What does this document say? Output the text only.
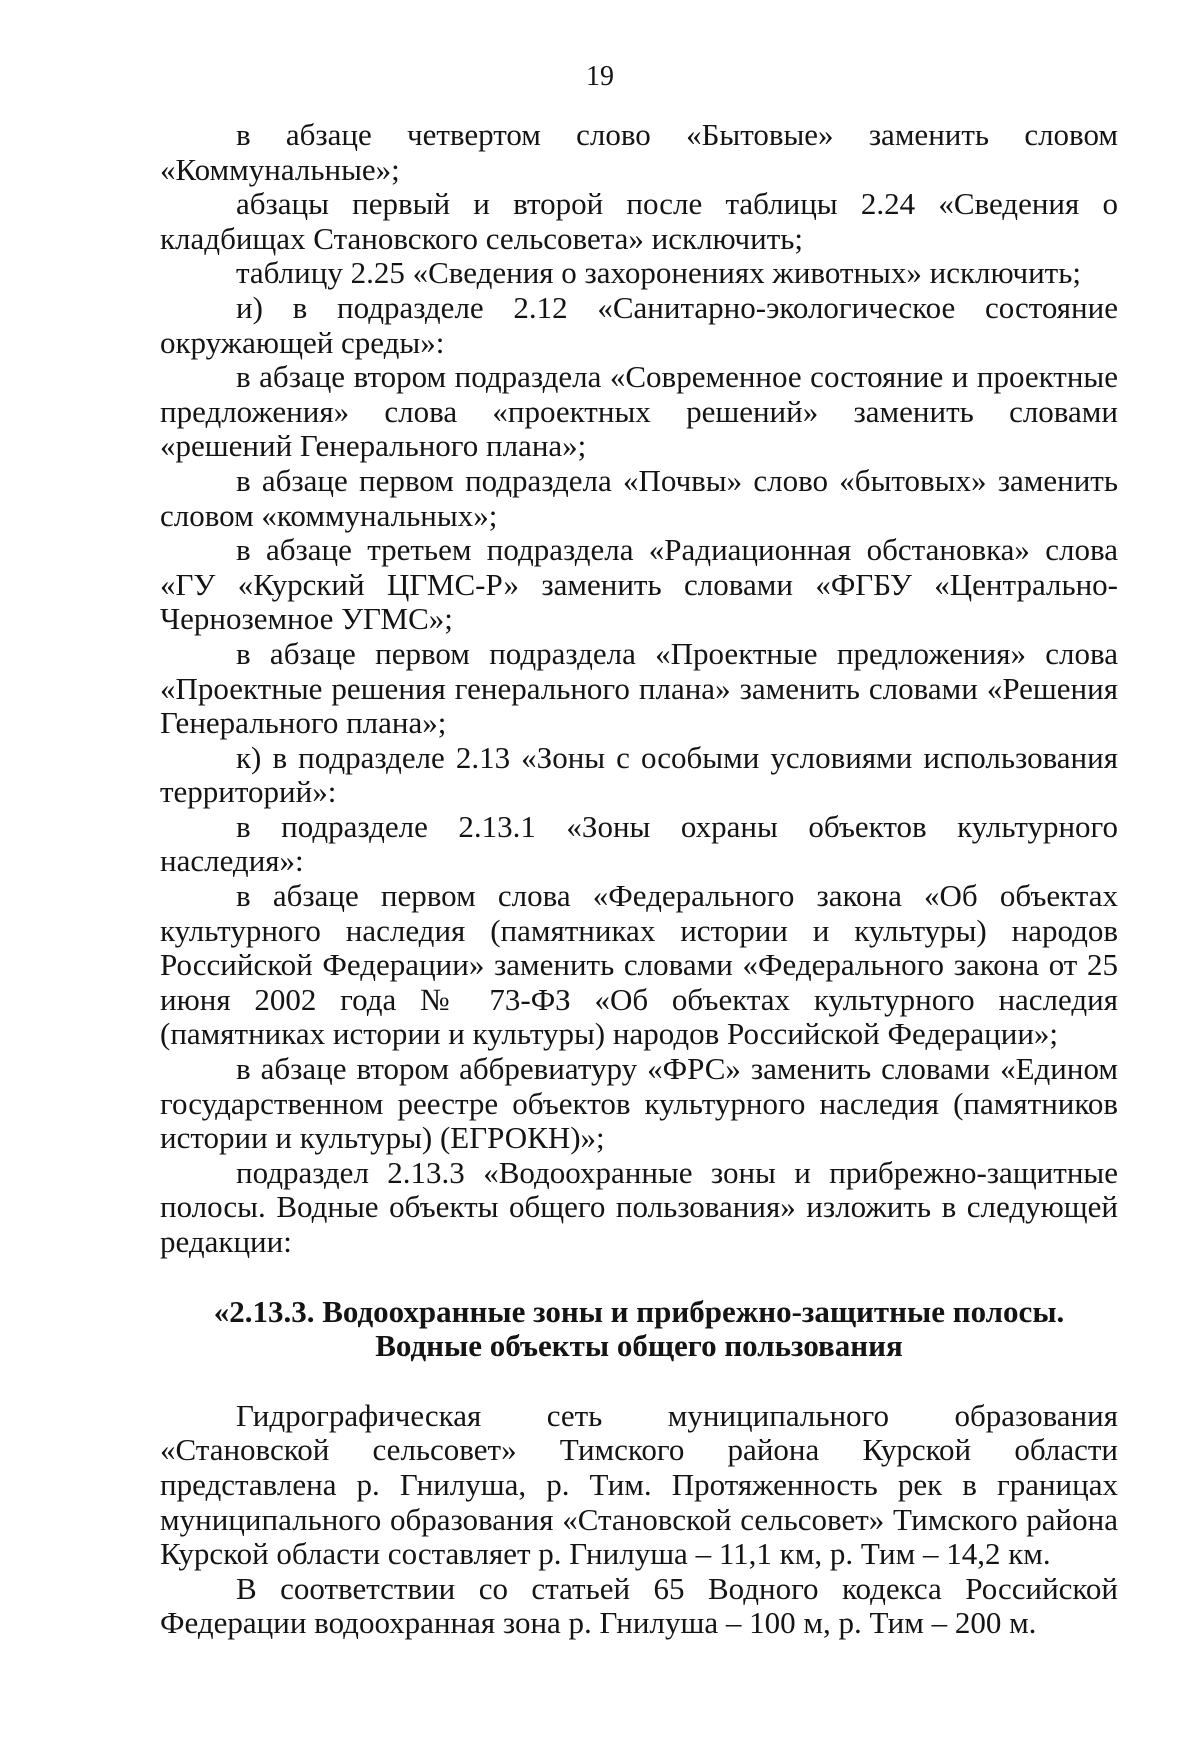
19

в абзаце четвертом слово «Бытовые» заменить словом «Коммунальные»;

абзацы первый и второй после таблицы 2.24 «Сведения о кладбищах Становского сельсовета» исключить;

таблицу 2.25 «Сведения о захоронениях животных» исключить;

и) в подразделе 2.12 «Санитарно-экологическое состояние окружающей среды»:

в абзаце втором подраздела «Современное состояние и проектные предложения» слова «проектных решений» заменить словами «решений Генерального плана»;

в абзаце первом подраздела «Почвы» слово «бытовых» заменить словом «коммунальных»;

в абзаце третьем подраздела «Радиационная обстановка» слова «ГУ «Курский ЦГМС-Р» заменить словами «ФГБУ «Центрально-Черноземное УГМС»;

в абзаце первом подраздела «Проектные предложения» слова «Проектные решения генерального плана» заменить словами «Решения Генерального плана»;

к) в подразделе 2.13 «Зоны с особыми условиями использования территорий»:

в подразделе 2.13.1 «Зоны охраны объектов культурного наследия»:

в абзаце первом слова «Федерального закона «Об объектах культурного наследия (памятниках истории и культуры) народов Российской Федерации» заменить словами «Федерального закона от 25 июня 2002 года № 73-ФЗ «Об объектах культурного наследия (памятниках истории и культуры) народов Российской Федерации»;

в абзаце втором аббревиатуру «ФРС» заменить словами «Едином государственном реестре объектов культурного наследия (памятников истории и культуры) (ЕГРОКН)»;

подраздел 2.13.3 «Водоохранные зоны и прибрежно-защитные полосы. Водные объекты общего пользования» изложить в следующей редакции:

«2.13.3. Водоохранные зоны и прибрежно-защитные полосы.

Водные объекты общего пользования

Гидрографическая сеть муниципального образования «Становской сельсовет» Тимского района Курской области представлена р. Гнилуша, р. Тим. Протяженность рек в границах муниципального образования «Становской сельсовет» Тимского района Курской области составляет р. Гнилуша – 11,1 км, р. Тим – 14,2 км.

В соответствии со статьей 65 Водного кодекса Российской Федерации водоохранная зона р. Гнилуша – 100 м, р. Тим – 200 м.
